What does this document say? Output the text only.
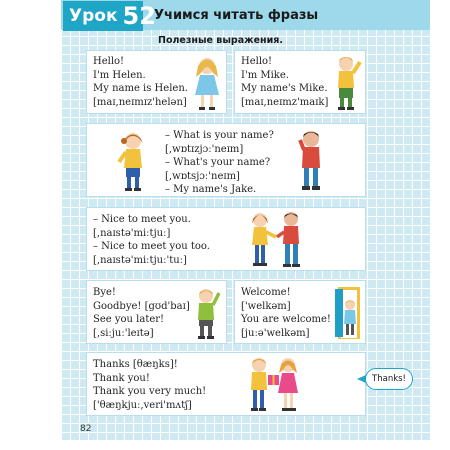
Урок 52
Учимся читать фразы
Полезные выражения.
Hello!
I'm Helen.
My name is Helen.
[maɪ,neɪmɪz'helən]
Hello!
I'm Mike.
My name's Mike.
[maɪ,neɪmz'maɪk]
– What is your name?
[,wɒtɪzjɔː'neɪm]
– What's your name?
[,wɒtsjɔː'neɪm]
– My name's Jake.
– Nice to meet you.
[,naɪstə'miːtjuː]
– Nice to meet you too.
[,naɪstə'miːtjuː'tuː]
Bye!
Goodbye! [gʊd'baɪ]
See you later!
[,siːjuː'leɪtə]
Welcome!
['welkəm]
You are welcome!
[juːə'welkəm]
Thanks [θæŋks]!
Thank you!
Thank you very much!
['θæŋkjuː,veri'mʌtʃ]
Thanks!
82
